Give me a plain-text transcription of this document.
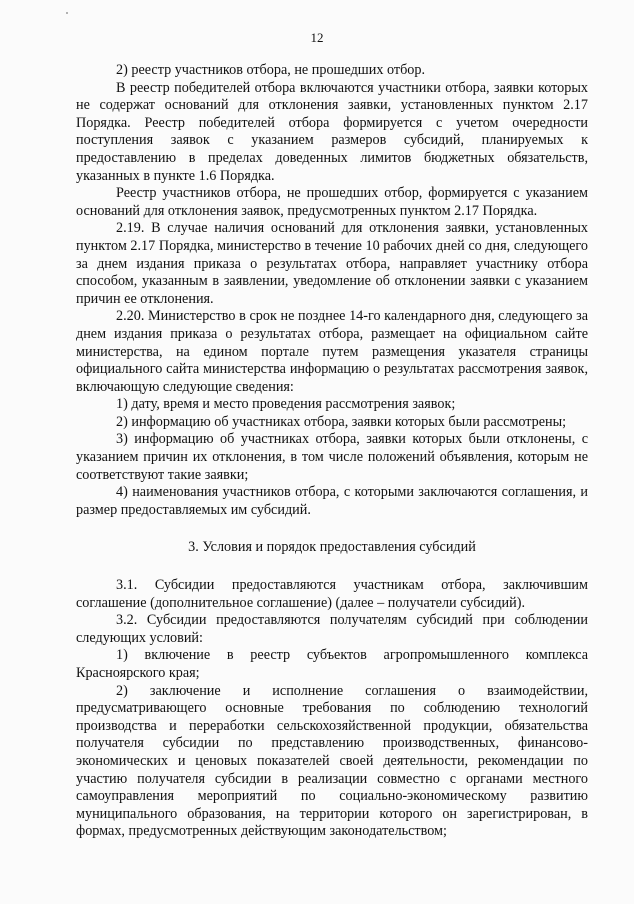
12

2) реестр участников отбора, не прошедших отбор.

В реестр победителей отбора включаются участники отбора, заявки которых не содержат оснований для отклонения заявки, установленных пунктом 2.17 Порядка. Реестр победителей отбора формируется с учетом очередности поступления заявок с указанием размеров субсидий, планируемых к предоставлению в пределах доведенных лимитов бюджетных обязательств, указанных в пункте 1.6 Порядка.

Реестр участников отбора, не прошедших отбор, формируется с указанием оснований для отклонения заявок, предусмотренных пунктом 2.17 Порядка.

2.19. В случае наличия оснований для отклонения заявки, установленных пунктом 2.17 Порядка, министерство в течение 10 рабочих дней со дня, следующего за днем издания приказа о результатах отбора, направляет участнику отбора способом, указанным в заявлении, уведомление об отклонении заявки с указанием причин ее отклонения.

2.20. Министерство в срок не позднее 14-го календарного дня, следующего за днем издания приказа о результатах отбора, размещает на официальном сайте министерства, на едином портале путем размещения указателя страницы официального сайта министерства информацию о результатах рассмотрения заявок, включающую следующие сведения:

1) дату, время и место проведения рассмотрения заявок;

2) информацию об участниках отбора, заявки которых были рассмотрены;

3) информацию об участниках отбора, заявки которых были отклонены, с указанием причин их отклонения, в том числе положений объявления, которым не соответствуют такие заявки;

4) наименования участников отбора, с которыми заключаются соглашения, и размер предоставляемых им субсидий.

3. Условия и порядок предоставления субсидий

3.1. Субсидии предоставляются участникам отбора, заключившим соглашение (дополнительное соглашение) (далее – получатели субсидий).

3.2. Субсидии предоставляются получателям субсидий при соблюдении следующих условий:

1) включение в реестр субъектов агропромышленного комплекса Красноярского края;

2) заключение и исполнение соглашения о взаимодействии, предусматривающего основные требования по соблюдению технологий производства и переработки сельскохозяйственной продукции, обязательства получателя субсидии по представлению производственных, финансово-экономических и ценовых показателей своей деятельности, рекомендации по участию получателя субсидии в реализации совместно с органами местного самоуправления мероприятий по социально-экономическому развитию муниципального образования, на территории которого он зарегистрирован, в формах, предусмотренных действующим законодательством;
